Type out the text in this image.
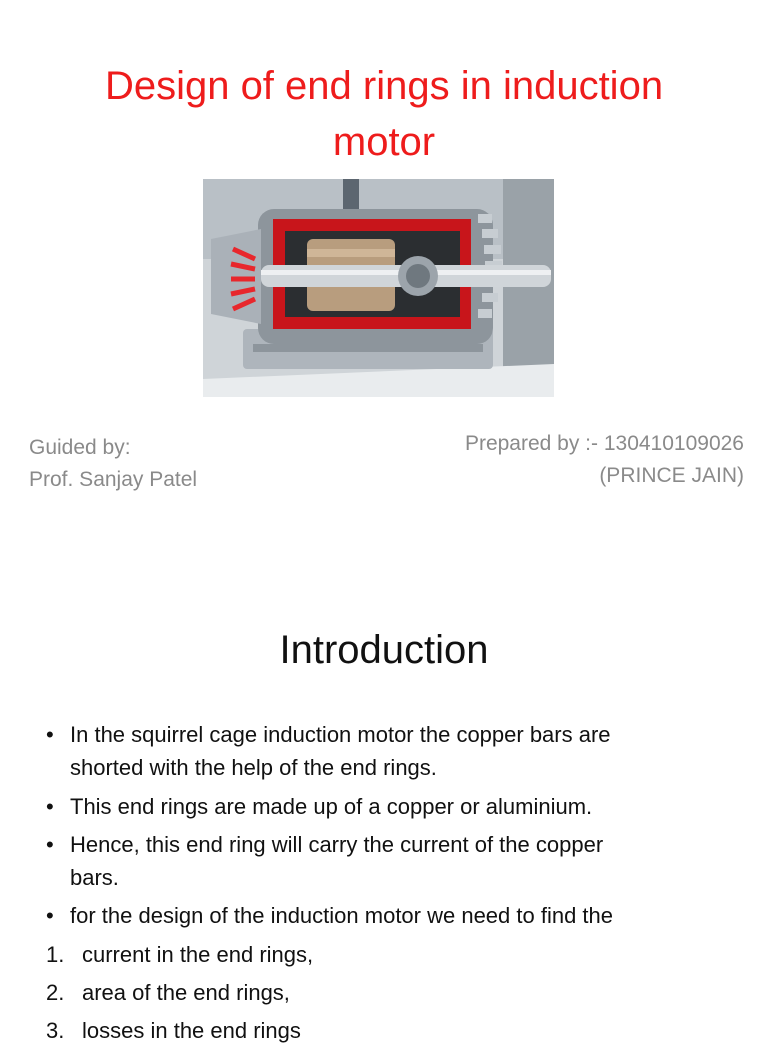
Design of end rings in induction
motor
Guided by:
Prof. Sanjay Patel
Prepared by :- 130410109026
(PRINCE JAIN)
Introduction
• In the squirrel cage induction motor the copper bars are
shorted with the help of the end rings.
• This end rings are made up of a copper or aluminium.
• Hence, this end ring will carry the current of the copper
bars.
• for the design of the induction motor we need to find the
1. current in the end rings,
2. area of the end rings,
3. losses in the end rings
